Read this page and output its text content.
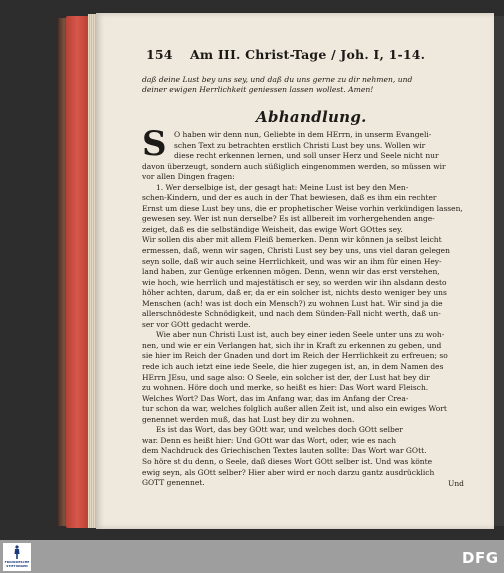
154 Am III. Christ-Tage / Joh. I, 1-14.
daß deine Lust bey uns sey, und daß du uns gerne zu dir nehmen, und
deiner ewigen Herrlichkeit geniessen lassen wollest. Amen!
Abhandlung.
S O haben wir denn nun, Geliebte in dem HErrn, in unserm Evangeli-
schen Text zu betrachten erstlich Christi Lust bey uns. Wollen wir
diese recht erkennen lernen, und soll unser Herz und Seele nicht nur
davon überzeugt, sondern auch süßiglich eingenommen werden, so müssen wir
vor allen Dingen fragen:
1. Wer derselbige ist, der gesagt hat: Meine Lust ist bey den Men-
schen-Kindern, und der es auch in der That bewiesen, daß es ihm ein rechter
Ernst um diese Lust bey uns, die er prophetischer Weise vorhin verkündigen lassen,
gewesen sey. Wer ist nun derselbe? Es ist allbereit im vorhergehenden ange-
zeiget, daß es die selbständige Weisheit, das ewige Wort GOttes sey.
Wir sollen dis aber mit allem Fleiß bemerken. Denn wir können ja selbst leicht
ermessen, daß, wenn wir sagen, Christi Lust sey bey uns, uns viel daran gelegen
seyn solle, daß wir auch seine Herrlichkeit, und was wir an ihm für einen Hey-
land haben, zur Genüge erkennen mögen. Denn, wenn wir das erst verstehen,
wie hoch, wie herrlich und majestätisch er sey, so werden wir ihn alsdann desto
höher achten, darum, daß er, da er ein solcher ist, nichts desto weniger bey uns
Menschen (ach! was ist doch ein Mensch?) zu wohnen Lust hat. Wir sind ja die
allerschnödeste Schnödigkeit, und nach dem Sünden-Fall nicht werth, daß un-
ser vor GOtt gedacht werde.
Wie aber nun Christi Lust ist, auch bey einer ieden Seele unter uns zu woh-
nen, und wie er ein Verlangen hat, sich ihr in Kraft zu erkennen zu geben, und
sie hier im Reich der Gnaden und dort im Reich der Herrlichkeit zu erfreuen; so
rede ich auch ietzt eine iede Seele, die hier zugegen ist, an, in dem Namen des
HErrn JEsu, und sage also: O Seele, ein solcher ist der, der Lust hat bey dir
zu wohnen. Höre doch und merke, so heißt es hier: Das Wort ward Fleisch.
Welches Wort? Das Wort, das im Anfang war, das im Anfang der Crea-
tur schon da war, welches folglich außer allen Zeit ist, und also ein ewiges Wort
genennet werden muß, das hat Lust bey dir zu wohnen.
Es ist das Wort, das bey GOtt war, und welches doch GOtt selber
war. Denn es heißt hier: Und GOtt war das Wort, oder, wie es nach
dem Nachdruck des Griechischen Textes lauten sollte: Das Wort war GOtt.
So höre st du denn, o Seele, daß dieses Wort GOtt selber ist. Und was könte
ewig seyn, als GOtt selber? Hier aber wird er noch darzu gantz ausdrücklich
GOTT genennet.	Und
FRANCKESCHE
STIFTUNGEN	DFG
